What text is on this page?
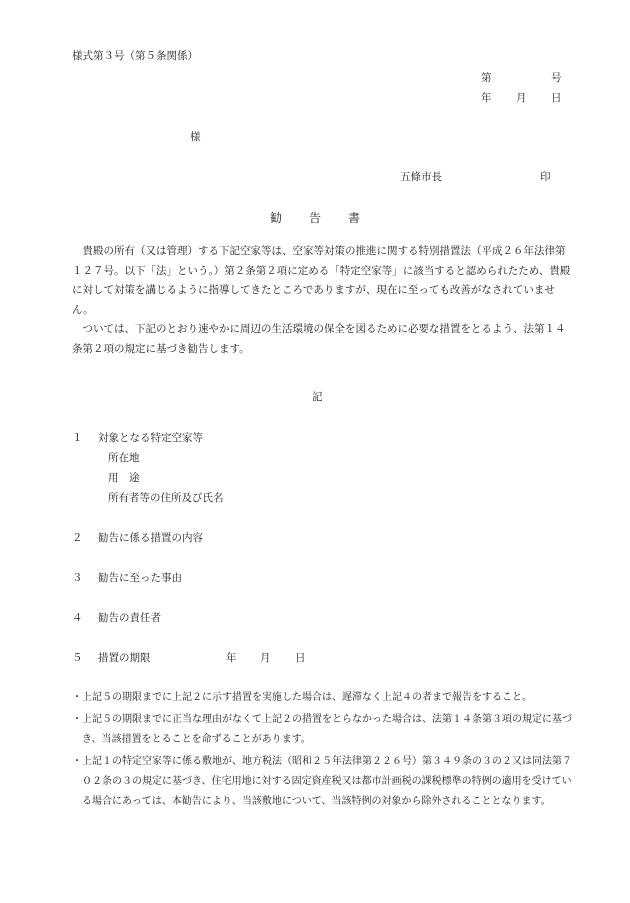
様式第３号（第５条関係）
第	号
年 月 日
様
五條市長	印
勧 告 書

　貴殿の所有（又は管理）する下記空家等は、空家等対策の推進に関する特別措置法（平成２６年法律第１２７号。以下「法」という。）第２条第２項に定める「特定空家等」に該当すると認められたため、貴殿に対して対策を講じるように指導してきたところでありますが、現在に至っても改善がなされていません。

　ついては、下記のとおり速やかに周辺の生活環境の保全を図るために必要な措置をとるよう、法第１４条第２項の規定に基づき勧告します。

記
１ 対象となる特定空家等
所在地
用　途
所有者等の住所及び氏名
２ 勧告に係る措置の内容
３ 勧告に至った事由
４ 勧告の責任者
５ 措置の期限	年 月 日

・ 上記５の期限までに上記２に示す措置を実施した場合は、遅滞なく上記４の者まで報告をすること。

・ 上記５の期限までに正当な理由がなくて上記２の措置をとらなかった場合は、法第１４条第３項の規定に基づき、当該措置をとることを命ずることがあります。

・ 上記１の特定空家等に係る敷地が、地方税法（昭和２５年法律第２２６号）第３４９条の３の２又は同法第７０２条の３の規定に基づき、住宅用地に対する固定資産税又は都市計画税の課税標準の特例の適用を受けている場合にあっては、本勧告により、当該敷地について、当該特例の対象から除外されることとなります。
